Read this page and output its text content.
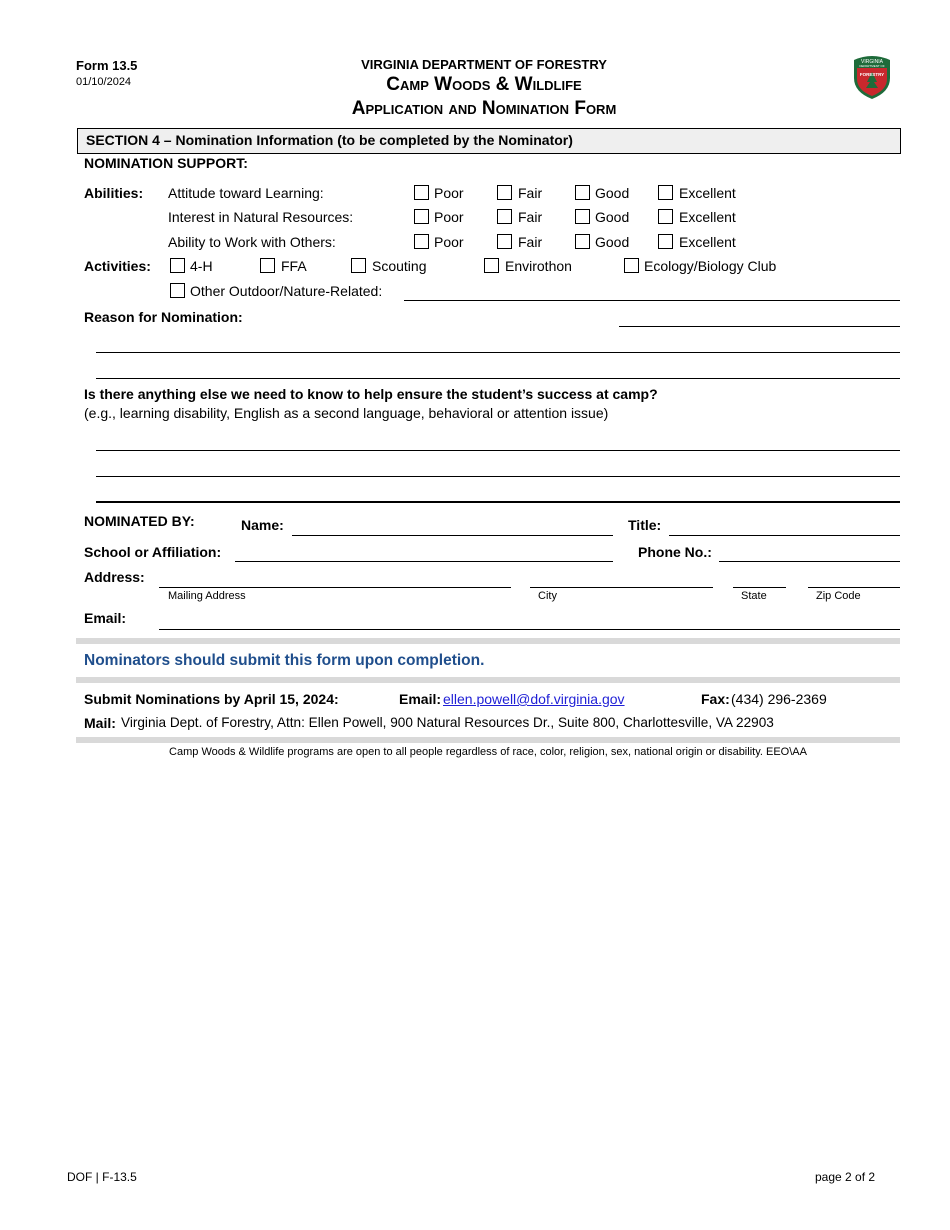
Form 13.5
01/10/2024
VIRGINIA DEPARTMENT OF FORESTRY
Camp Woods & Wildlife
Application and Nomination Form
VIRGINIA
DEPARTMENT OF
FORESTRY
SECTION 4 – Nomination Information (to be completed by the Nominator)
NOMINATION SUPPORT:
Abilities: Attitude toward Learning:	Poor	Fair	Good	Excellent
Interest in Natural Resources:	Poor	Fair	Good	Excellent
Ability to Work with Others:	Poor	Fair	Good	Excellent
Activities:	4-H	FFA	Scouting	Envirothon	Ecology/Biology Club
Other Outdoor/Nature-Related:
Reason for Nomination:
Is there anything else we need to know to help ensure the student’s success at camp?
(e.g., learning disability, English as a second language, behavioral or attention issue)
NOMINATED BY:	Name:	Title:
School or Affiliation:	Phone No.:
Address:
Mailing Address	City	State	Zip Code
Email:
Nominators should submit this form upon completion.
Submit Nominations by April 15, 2024:	Email: ellen.powell@dof.virginia.gov	Fax: (434) 296-2369
Mail: Virginia Dept. of Forestry, Attn: Ellen Powell, 900 Natural Resources Dr., Suite 800, Charlottesville, VA 22903
Camp Woods & Wildlife programs are open to all people regardless of race, color, religion, sex, national origin or disability. EEO\AA
DOF | F-13.5	page 2 of 2
